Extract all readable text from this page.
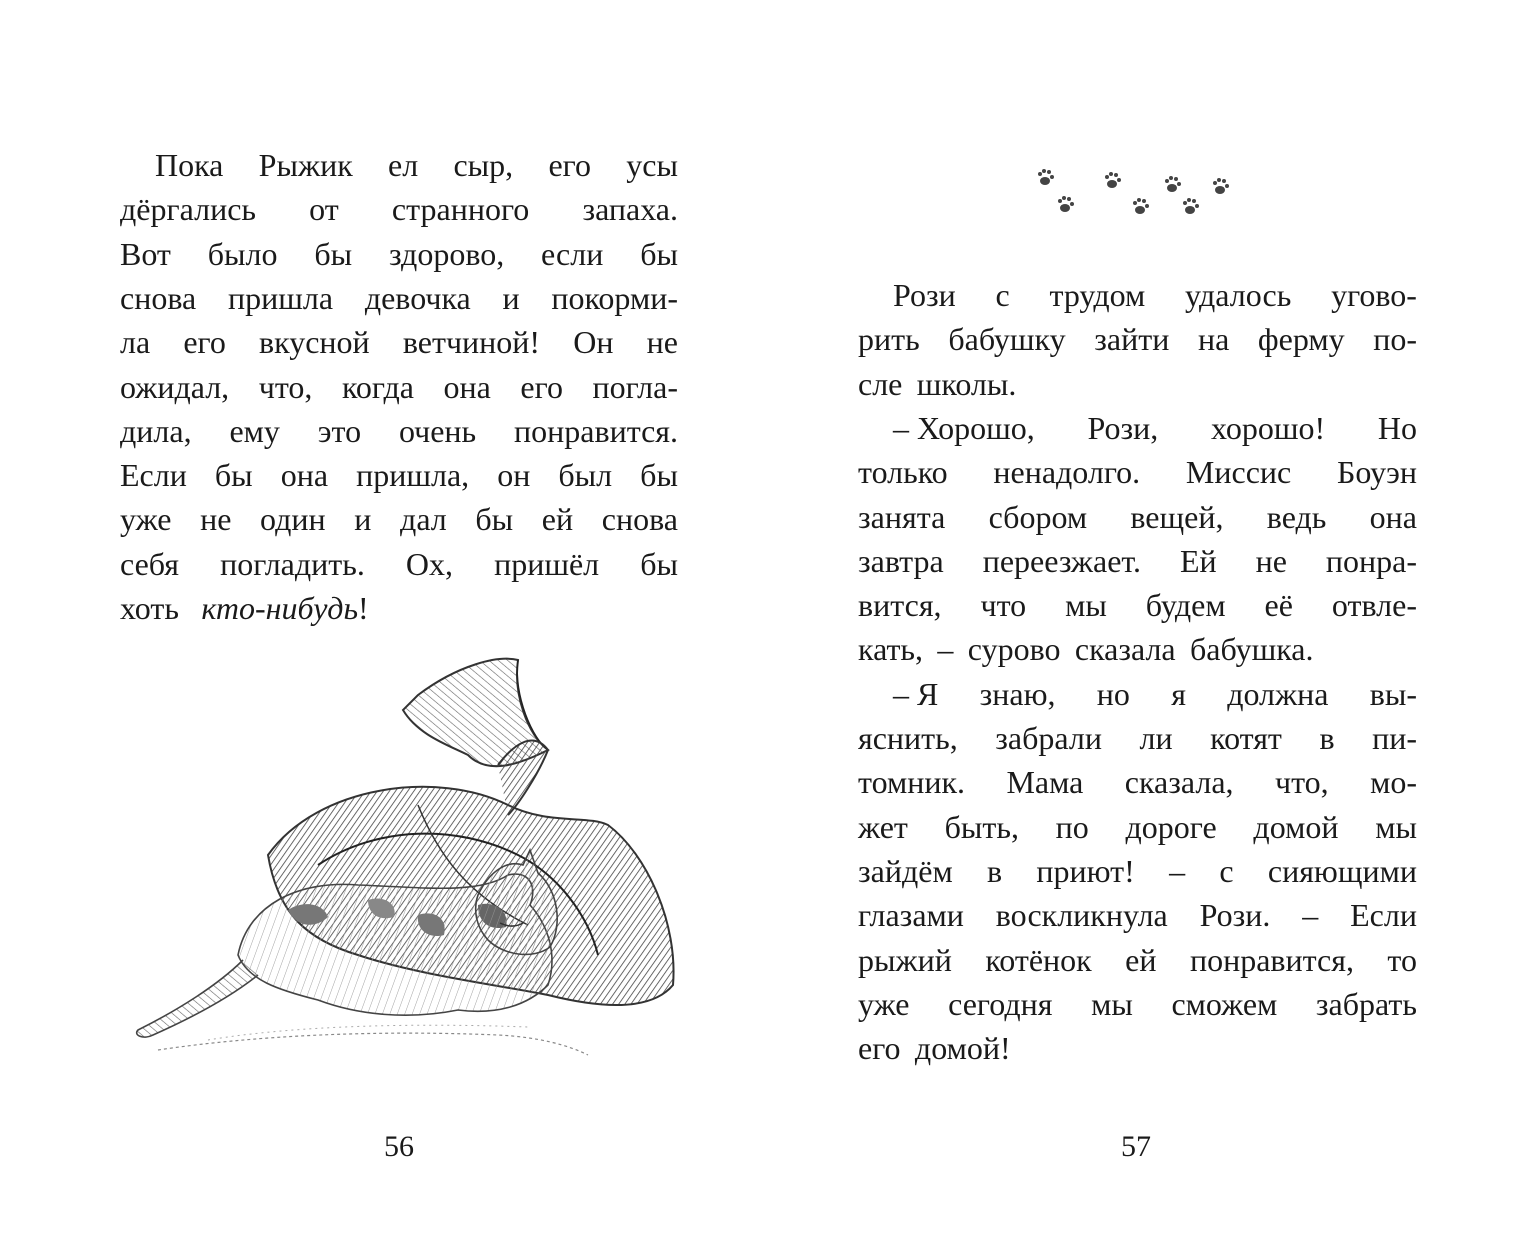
Пока Рыжик ел сыр, его усы
дёргались от странного запаха.
Вот было бы здорово, если бы
снова пришла девочка и покорми-
ла его вкусной ветчиной! Он не
ожидал, что, когда она его погла-
дила, ему это очень понравится.
Если бы она пришла, он был бы
уже не один и дал бы ей снова
себя погладить. Ох, пришёл бы
хоть кто-нибудь !
56
Рози с трудом удалось угово-
рить бабушку зайти на ферму по-
сле школы.
– Хорошо, Рози, хорошо! Но
только ненадолго. Миссис Боуэн
занята сбором вещей, ведь она
завтра переезжает. Ей не понра-
вится, что мы будем её отвле-
кать, – сурово сказала бабушка.
– Я знаю, но я должна вы-
яснить, забрали ли котят в пи-
томник. Мама сказала, что, мо-
жет быть, по дороге домой мы
зайдём в приют! – с сияющими
глазами воскликнула Рози. – Если
рыжий котёнок ей понравится, то
уже сегодня мы сможем забрать
его домой!
57
